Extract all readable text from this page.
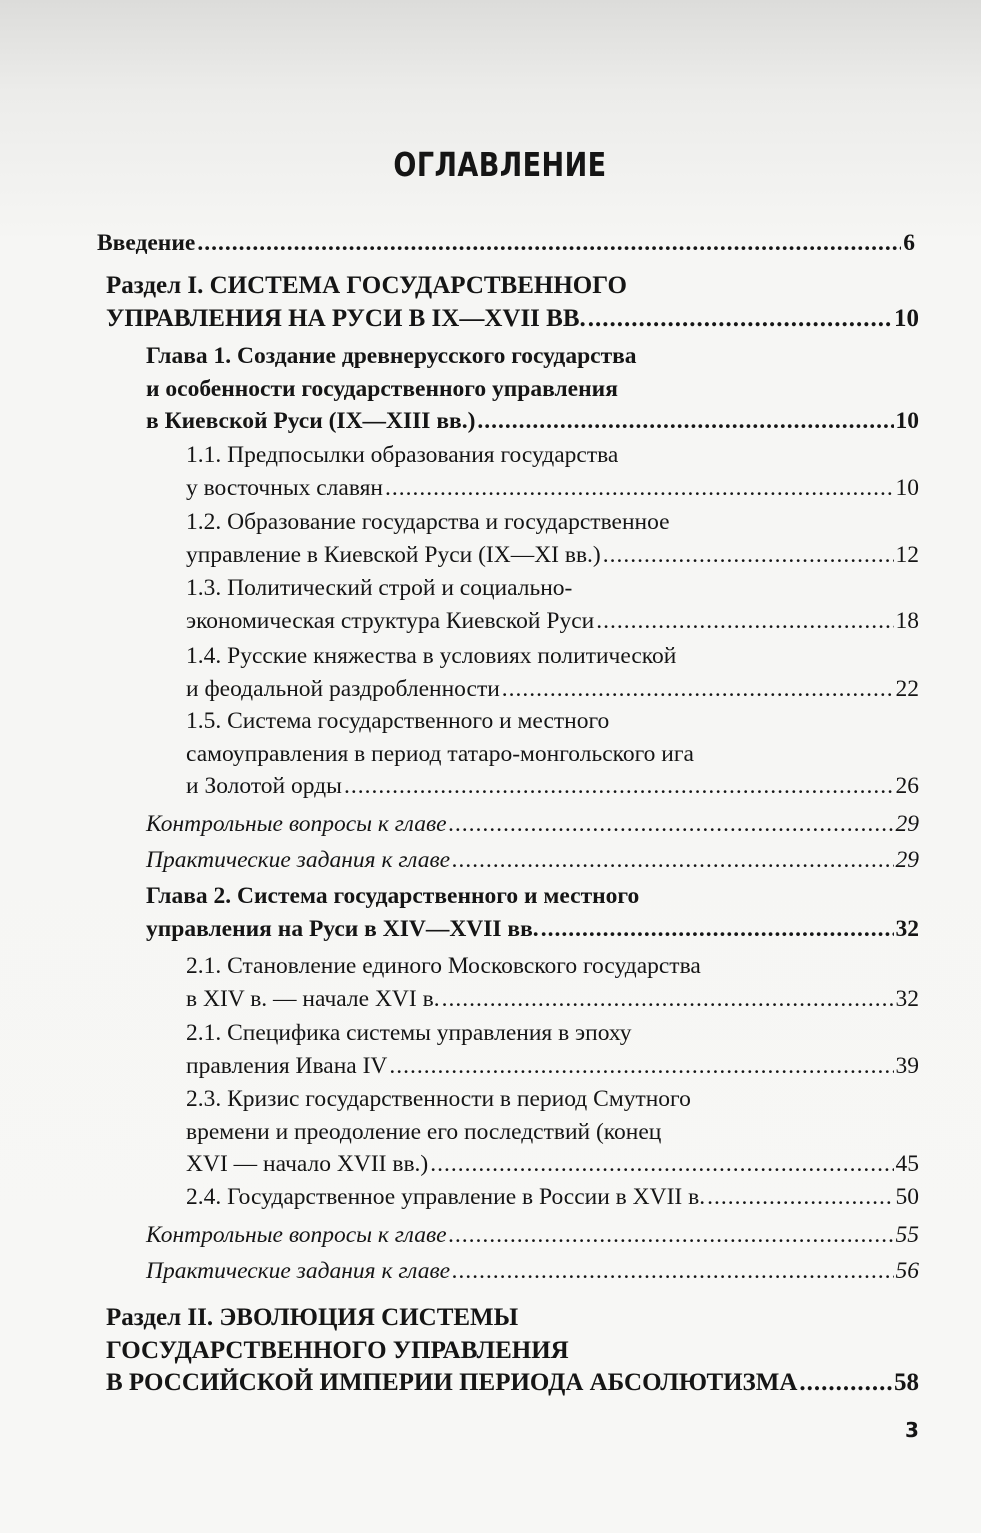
ОГЛАВЛЕНИЕ
Введение .....	6
Раздел I. СИСТЕМА ГОСУДАРСТВЕННОГО
УПРАВЛЕНИЯ НА РУСИ В IX—XVII ВВ. .....	10
Глава 1. Создание древнерусского государства
и особенности государственного управления
в Киевской Руси (IX—XIII вв.) .....	10
1.1. Предпосылки образования государства
у восточных славян .....	10
1.2. Образование государства и государственное
управление в Киевской Руси (IX—XI вв.) .....	12
1.3. Политический строй и социально-
экономическая структура Киевской Руси .....	18
1.4. Русские княжества в условиях политической
и феодальной раздробленности .....	22
1.5. Система государственного и местного
самоуправления в период татаро-монгольского ига
и Золотой орды .....	26
Контрольные вопросы к главе .....	29
Практические задания к главе .....	29
Глава 2. Система государственного и местного
управления на Руси в XIV—XVII вв. .....	32
2.1. Становление единого Московского государства
в XIV в. — начале XVI в. .....	32
2.1. Специфика системы управления в эпоху
правления Ивана IV .....	39
2.3. Кризис государственности в период Смутного
времени и преодоление его последствий (конец
XVI — начало XVII вв.) .....	45
2.4. Государственное управление в России в XVII в. .....	50
Контрольные вопросы к главе .....	55
Практические задания к главе .....	56
Раздел II. ЭВОЛЮЦИЯ СИСТЕМЫ
ГОСУДАРСТВЕННОГО УПРАВЛЕНИЯ
В РОССИЙСКОЙ ИМПЕРИИ ПЕРИОДА АБСОЛЮТИЗМА .....	58
3
